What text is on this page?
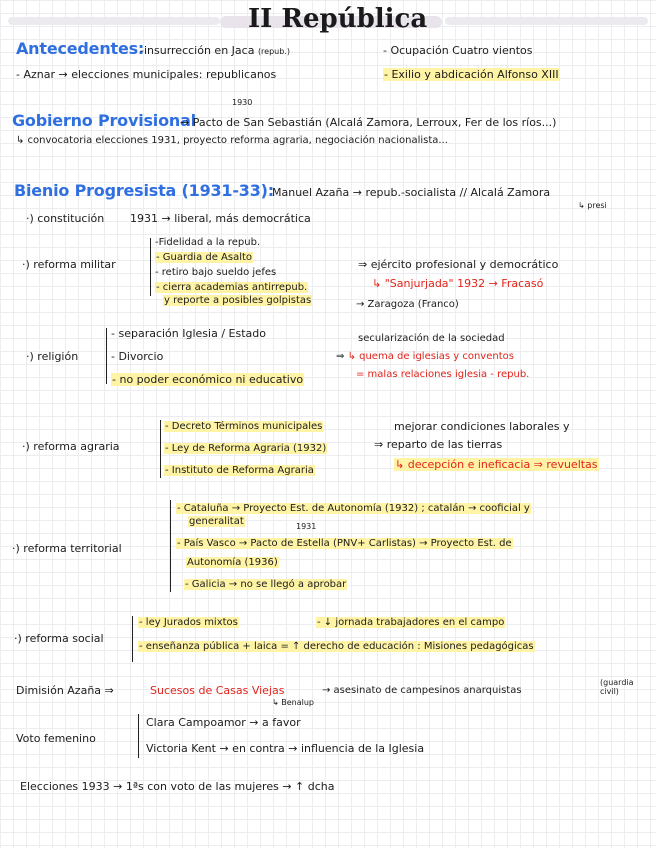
II República
Antecedentes:
-insurrección en Jaca (repub.)	- Ocupación Cuatro vientos
- Aznar → elecciones municipales: republicanos	- Exilio y abdicación Alfonso XIII
1930
Gobierno Provisional
→ Pacto de San Sebastián (Alcalá Zamora, Lerroux, Fer de los ríos...)
↳ convocatoria elecciones 1931, proyecto reforma agraria, negociación nacionalista...
Bienio Progresista (1931-33):
Manuel Azaña → repub.-socialista // Alcalá Zamora
↳ presi
·) constitución 1931 → liberal, más democrática
·) reforma militar
-Fidelidad a la repub.
- Guardia de Asalto
- retiro bajo sueldo jefes
- cierra academias antirrepub.
y reporte a posibles golpistas
⇒ ejército profesional y democrático
↳ "Sanjurjada" 1932 → Fracasó
→ Zaragoza (Franco)
·) religión
- separación Iglesia / Estado
- Divorcio
- no poder económico ni educativo
secularización de la sociedad
⇒ ↳ quema de iglesias y conventos
= malas relaciones iglesia - repub.
·) reforma agraria
- Decreto Términos municipales
- Ley de Reforma Agraria (1932)
- Instituto de Reforma Agraria
mejorar condiciones laborales y
⇒ reparto de las tierras
↳ decepción e ineficacia ⇒ revueltas
·) reforma territorial
- Cataluña → Proyecto Est. de Autonomía (1932) ; catalán → cooficial y
generalitat	1931
- País Vasco → Pacto de Estella (PNV+ Carlistas) → Proyecto Est. de
Autonomía (1936)
- Galicia → no se llegó a aprobar
·) reforma social
- ley Jurados mixtos	- ↓ jornada trabajadores en el campo
- enseñanza pública + laica = ↑ derecho de educación : Misiones pedagógicas
Dimisión Azaña ⇒	Sucesos de Casas Viejas	→ asesinato de campesinos anarquistas
(guardia civil)
↳ Benalup
Voto femenino
Clara Campoamor → a favor
Victoria Kent → en contra → influencia de la Iglesia
Elecciones 1933 → 1ªs con voto de las mujeres → ↑ dcha
